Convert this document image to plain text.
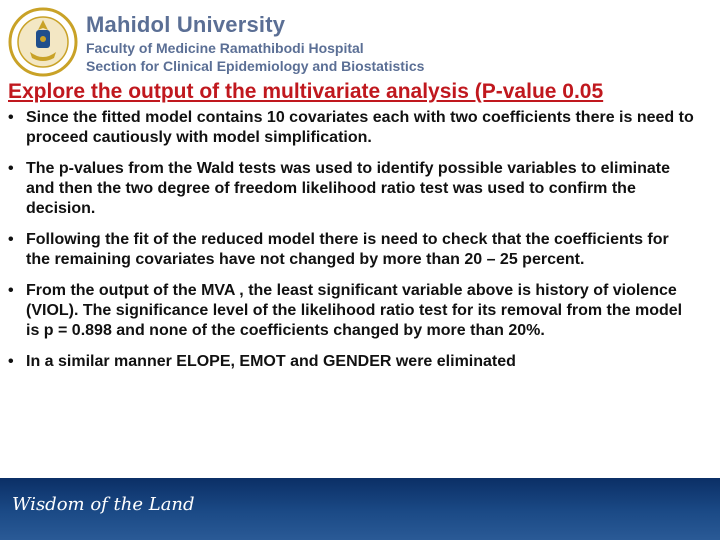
Mahidol University
Faculty of Medicine Ramathibodi Hospital
Section for Clinical Epidemiology and Biostatistics
Explore the output of the multivariate analysis (P-value 0.05
• Since the fitted model contains 10 covariates each with two coefficients there is need to proceed cautiously with model simplification.
• The p-values from the Wald tests was used to identify possible variables to eliminate and then the two degree of freedom likelihood ratio test was used to confirm the decision.
• Following the fit of the reduced model there is need to check that the coefficients for the remaining covariates have not changed by more than 20 – 25 percent.
• From the output of the MVA , the least significant variable above is history of violence (VIOL). The significance level of the likelihood ratio test for its removal from the model is p = 0.898 and none of the coefficients changed by more than 20%.
• In a similar manner ELOPE, EMOT and GENDER were eliminated
Wisdom of the Land
